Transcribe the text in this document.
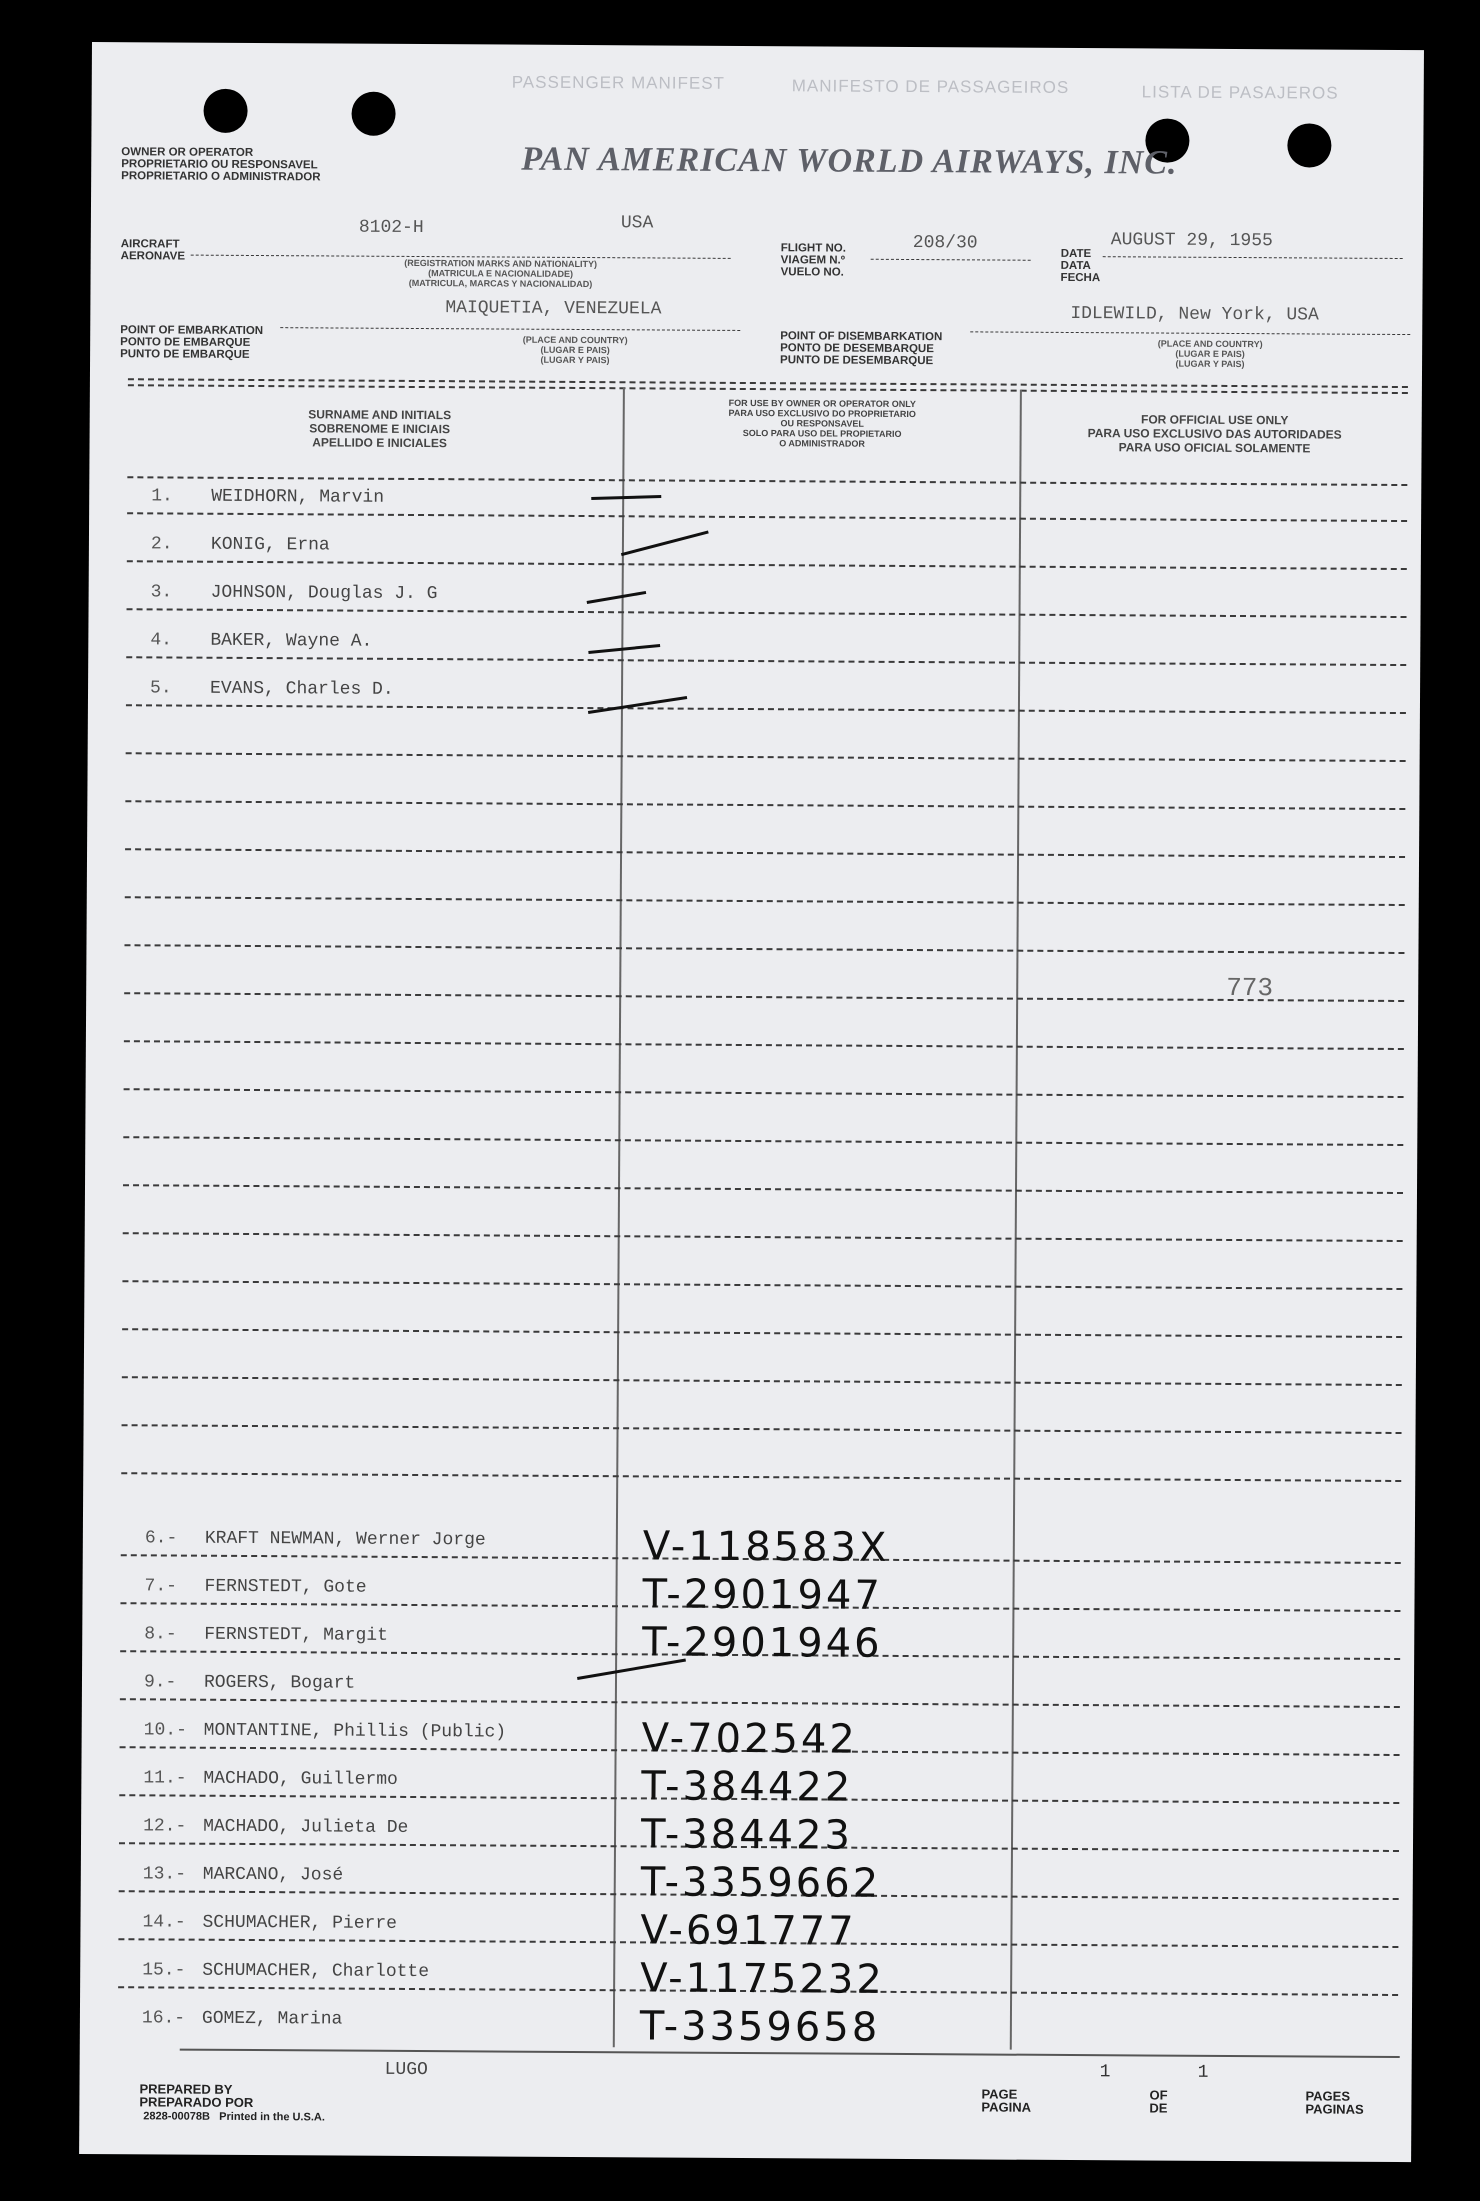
PASSENGER MANIFEST	MANIFESTO DE PASSAGEIROS	LISTA DE PASAJEROS
OWNER OR OPERATOR
PROPRIETARIO OU RESPONSAVEL
PROPRIETARIO O ADMINISTRADOR	PAN AMERICAN WORLD AIRWAYS, INC.
AIRCRAFT
AERONAVE
8102-H	USA
(REGISTRATION MARKS AND NATIONALITY)
(MATRICULA E NACIONALIDADE)
(MATRICULA, MARCAS Y NACIONALIDAD)
FLIGHT NO.
VIAGEM N.º
VUELO NO.
208/30
DATE
DATA
FECHA
AUGUST 29, 1955
POINT OF EMBARKATION
PONTO DE EMBARQUE
PUNTO DE EMBARQUE
MAIQUETIA, VENEZUELA
(PLACE AND COUNTRY)
(LUGAR E PAIS)
(LUGAR Y PAIS)
POINT OF DISEMBARKATION
PONTO DE DESEMBARQUE
PUNTO DE DESEMBARQUE
IDLEWILD, New York, USA
(PLACE AND COUNTRY)
(LUGAR E PAIS)
(LUGAR Y PAIS)
SURNAME AND INITIALS
SOBRENOME E INICIAIS
APELLIDO E INICIALES
FOR USE BY OWNER OR OPERATOR ONLY
PARA USO EXCLUSIVO DO PROPRIETARIO
OU RESPONSAVEL
SOLO PARA USO DEL PROPIETARIO
O ADMINISTRADOR
FOR OFFICIAL USE ONLY
PARA USO EXCLUSIVO DAS AUTORIDADES
PARA USO OFICIAL SOLAMENTE
1. WEIDHORN, Marvin
2. KONIG, Erna
3. JOHNSON, Douglas J. G
4. BAKER, Wayne A.
5. EVANS, Charles D.
773
6.- KRAFT NEWMAN, Werner Jorge	V-118583X
7.- FERNSTEDT, Gote	T-2901947
8.- FERNSTEDT, Margit	T-2901946
9.- ROGERS, Bogart
10.- MONTANTINE, Phillis (Public)	V-702542
11.- MACHADO, Guillermo	T-384422
12.- MACHADO, Julieta De	T-384423
13.- MARCANO, José	T-3359662
14.- SCHUMACHER, Pierre	V-691777
15.- SCHUMACHER, Charlotte	V-1175232
16.- GOMEZ, Marina	T-3359658
PREPARED BY
PREPARADO POR
LUGO
2828-00078B Printed in the U.S.A.
PAGE
PAGINA
1
OF
DE
1
PAGES
PAGINAS
